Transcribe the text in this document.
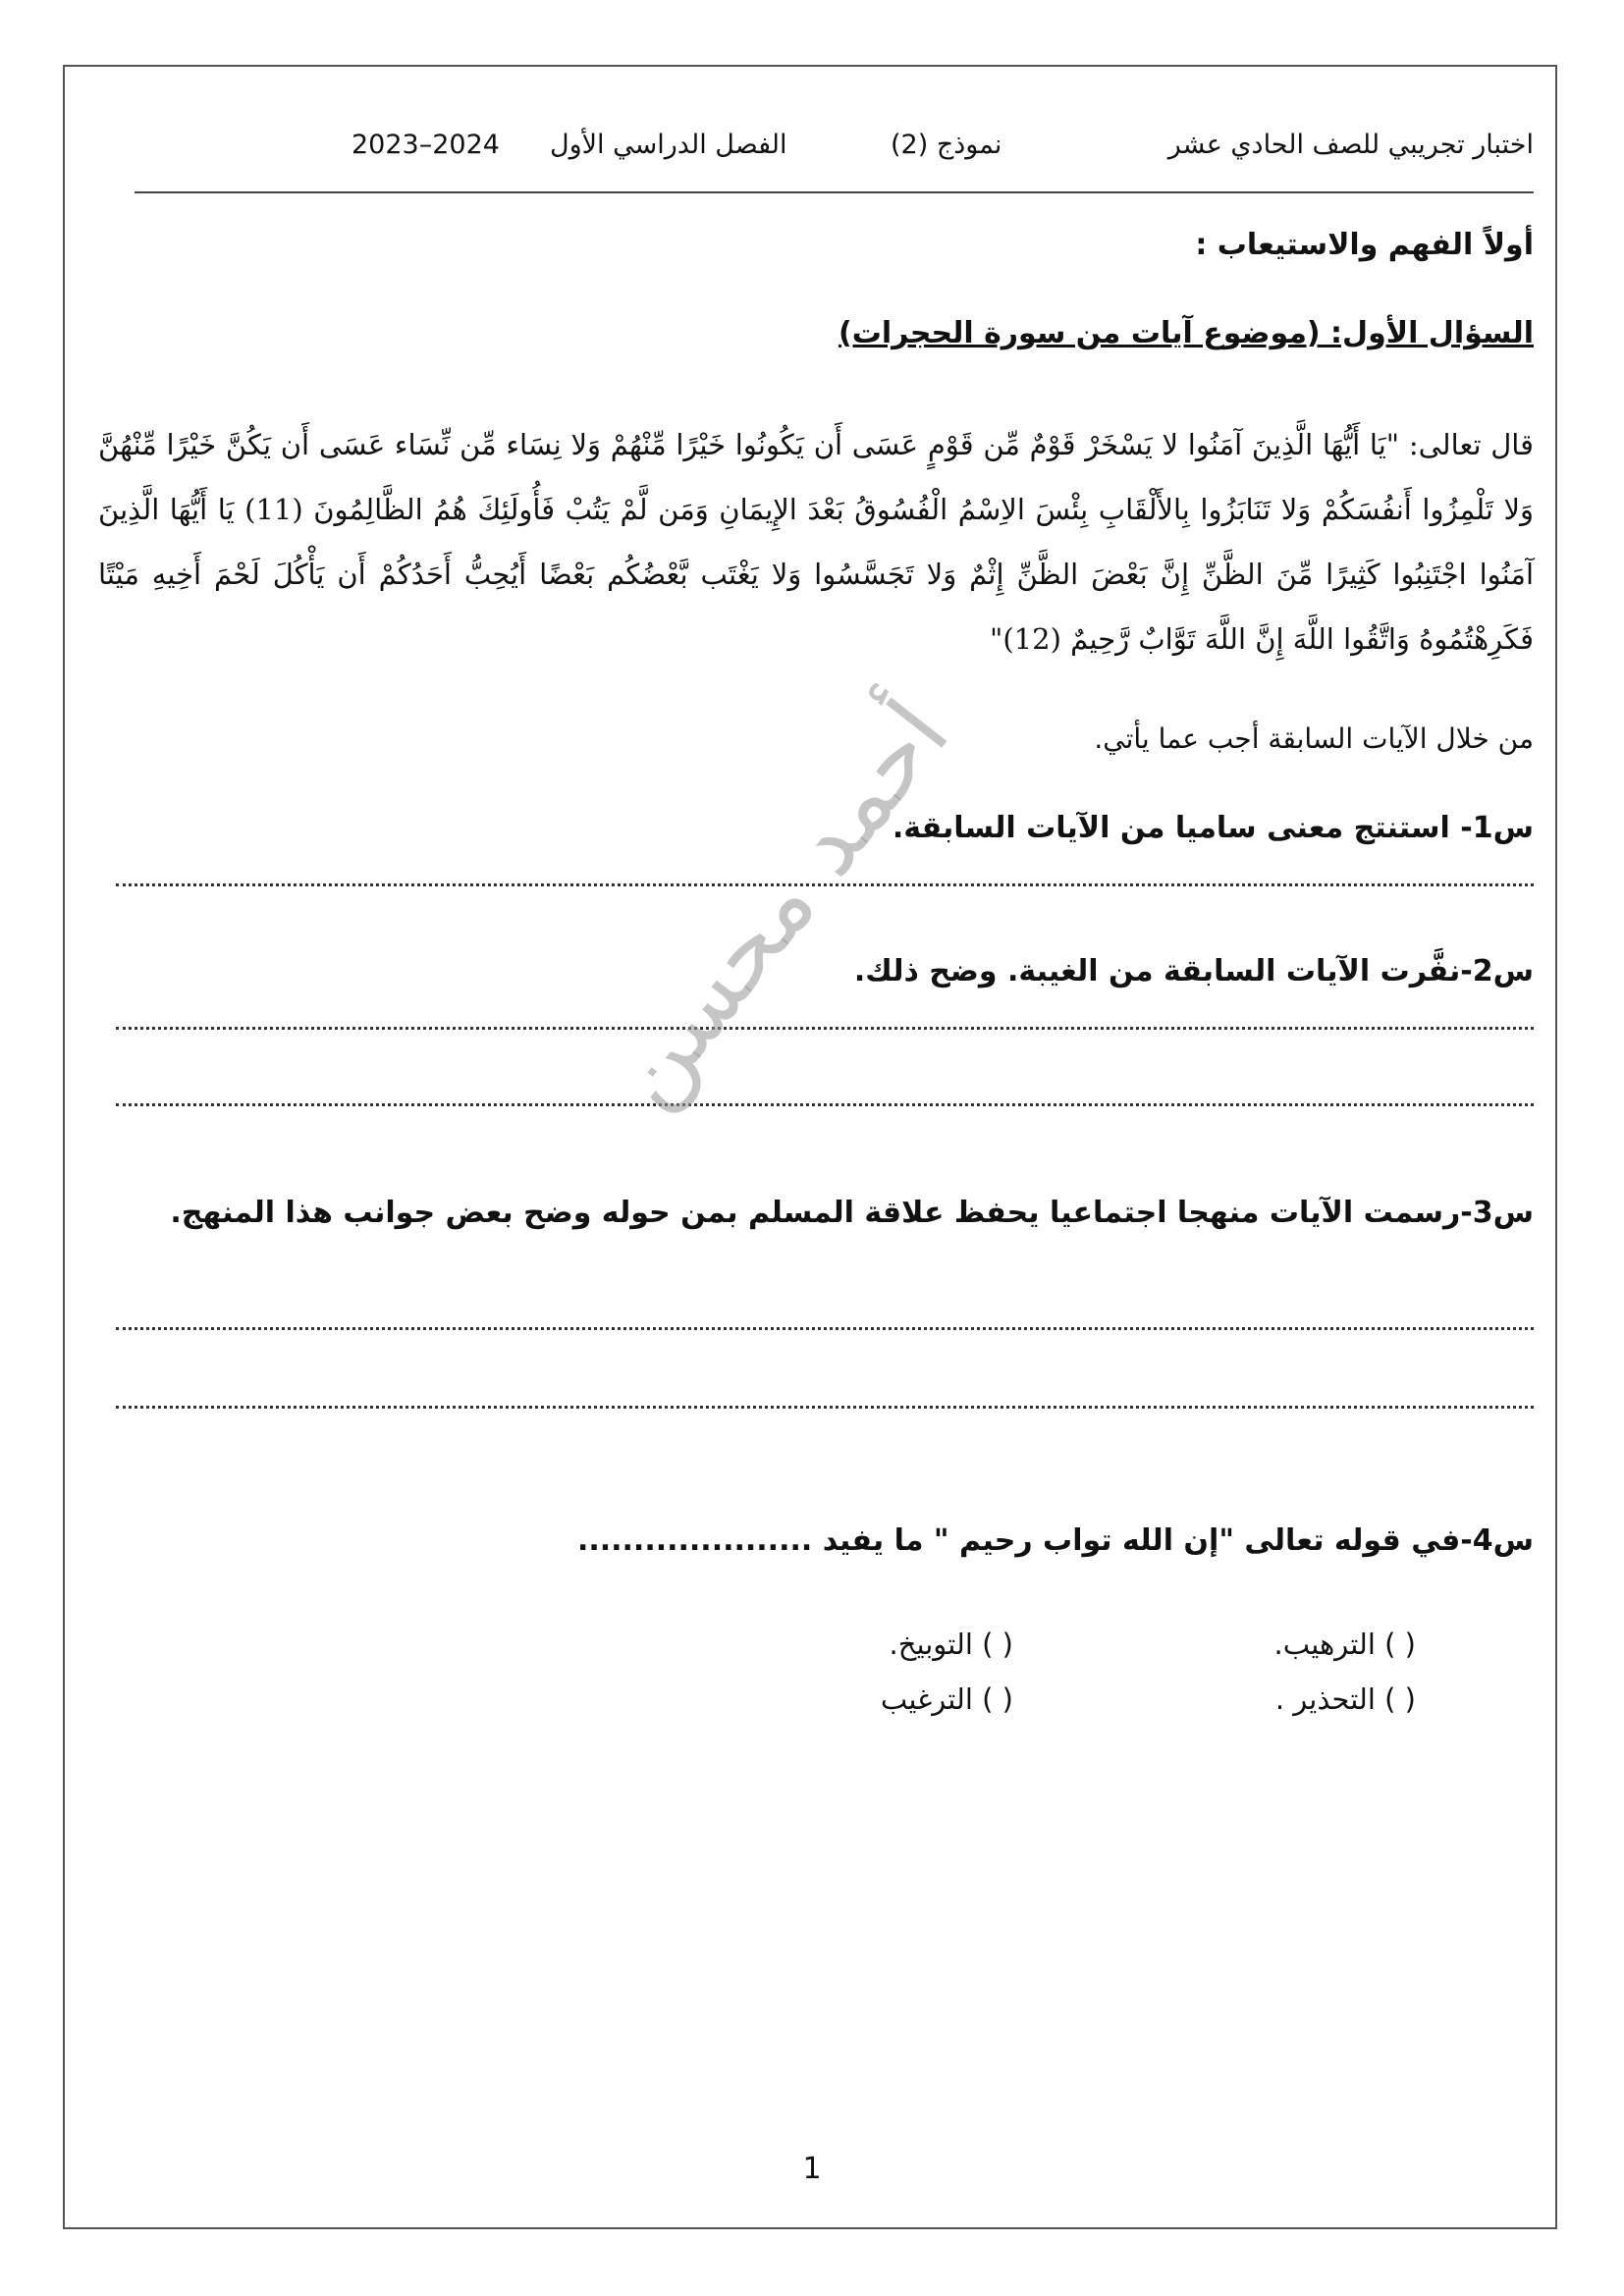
اختبار تجريبي للصف الحادي عشر
نموذج (2)
الفصل الدراسي الأول
2023–2024
أولاً الفهم والاستيعاب :
السؤال الأول: (موضوع آيات من سورة الحجرات)
قال تعالى: "يَا أَيُّهَا الَّذِينَ آمَنُوا لا يَسْخَرْ قَوْمٌ مِّن قَوْمٍ عَسَى أَن يَكُونُوا خَيْرًا مِّنْهُمْ وَلا نِسَاء مِّن نِّسَاء عَسَى أَن يَكُنَّ خَيْرًا مِّنْهُنَّ وَلا تَلْمِزُوا أَنفُسَكُمْ وَلا تَنَابَزُوا بِالأَلْقَابِ بِئْسَ الاِسْمُ الْفُسُوقُ بَعْدَ الإِيمَانِ وَمَن لَّمْ يَتُبْ فَأُولَئِكَ هُمُ الظَّالِمُونَ (11) يَا أَيُّهَا الَّذِينَ آمَنُوا اجْتَنِبُوا كَثِيرًا مِّنَ الظَّنِّ إِنَّ بَعْضَ الظَّنِّ إِثْمٌ وَلا تَجَسَّسُوا وَلا يَغْتَب بَّعْضُكُم بَعْضًا أَيُحِبُّ أَحَدُكُمْ أَن يَأْكُلَ لَحْمَ أَخِيهِ مَيْتًا فَكَرِهْتُمُوهُ وَاتَّقُوا اللَّهَ إِنَّ اللَّهَ تَوَّابٌ رَّحِيمٌ (12)"
من خلال الآيات السابقة أجب عما يأتي.
س1- استنتج معنى ساميا من الآيات السابقة.
س2-نفَّرت الآيات السابقة من الغيبة. وضح ذلك.
س3-رسمت الآيات منهجا اجتماعيا يحفظ علاقة المسلم بمن حوله وضح بعض جوانب هذا المنهج.
س4-في قوله تعالى "إن الله تواب رحيم " ما يفيد .....................
( ) الترهيب.
( ) التوبيخ.
( ) التحذير .
( ) الترغيب
أحمد محسن
1
